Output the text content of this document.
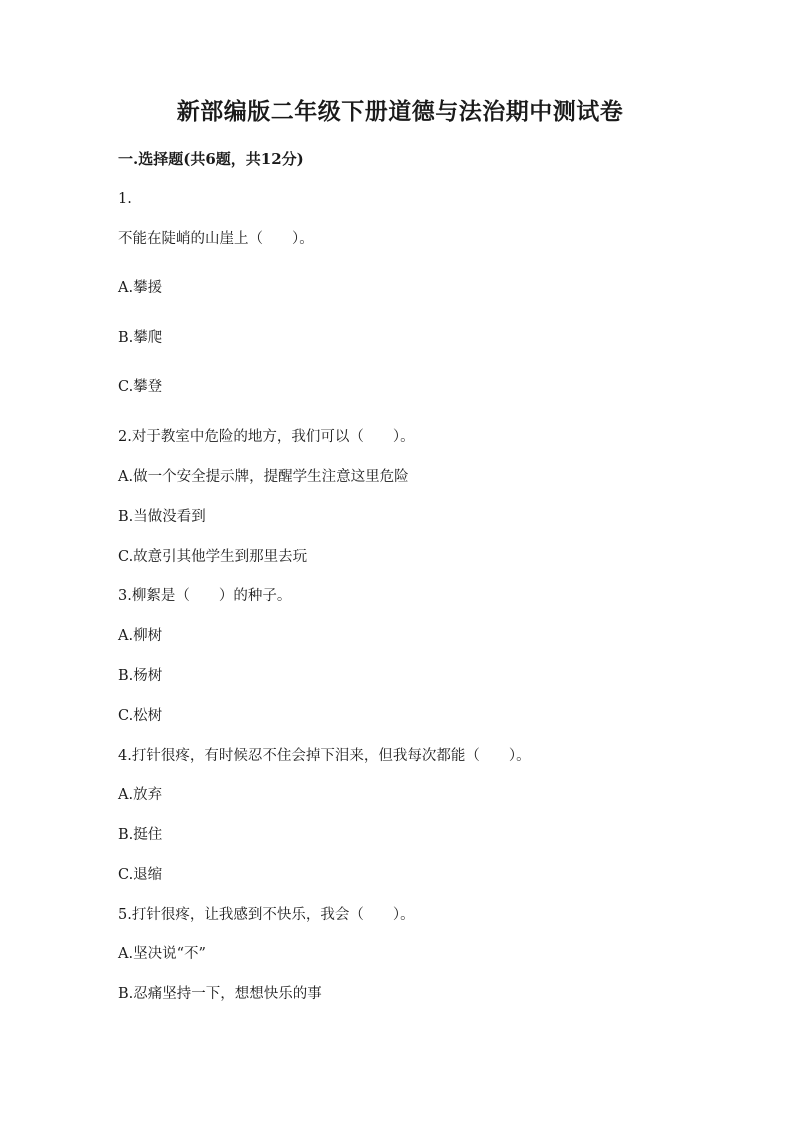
新部编版二年级下册道德与法治期中测试卷
一.选择题(共6题，共12分)
1.
不能在陡峭的山崖上（　　）。
A.攀援
B.攀爬
C.攀登
2.对于教室中危险的地方，我们可以（　　）。
A.做一个安全提示牌，提醒学生注意这里危险
B.当做没看到
C.故意引其他学生到那里去玩
3.柳絮是（　　）的种子。
A.柳树
B.杨树
C.松树
4.打针很疼，有时候忍不住会掉下泪来，但我每次都能（　　）。
A.放弃
B.挺住
C.退缩
5.打针很疼，让我感到不快乐，我会（　　）。
A.坚决说“不”
B.忍痛坚持一下，想想快乐的事
